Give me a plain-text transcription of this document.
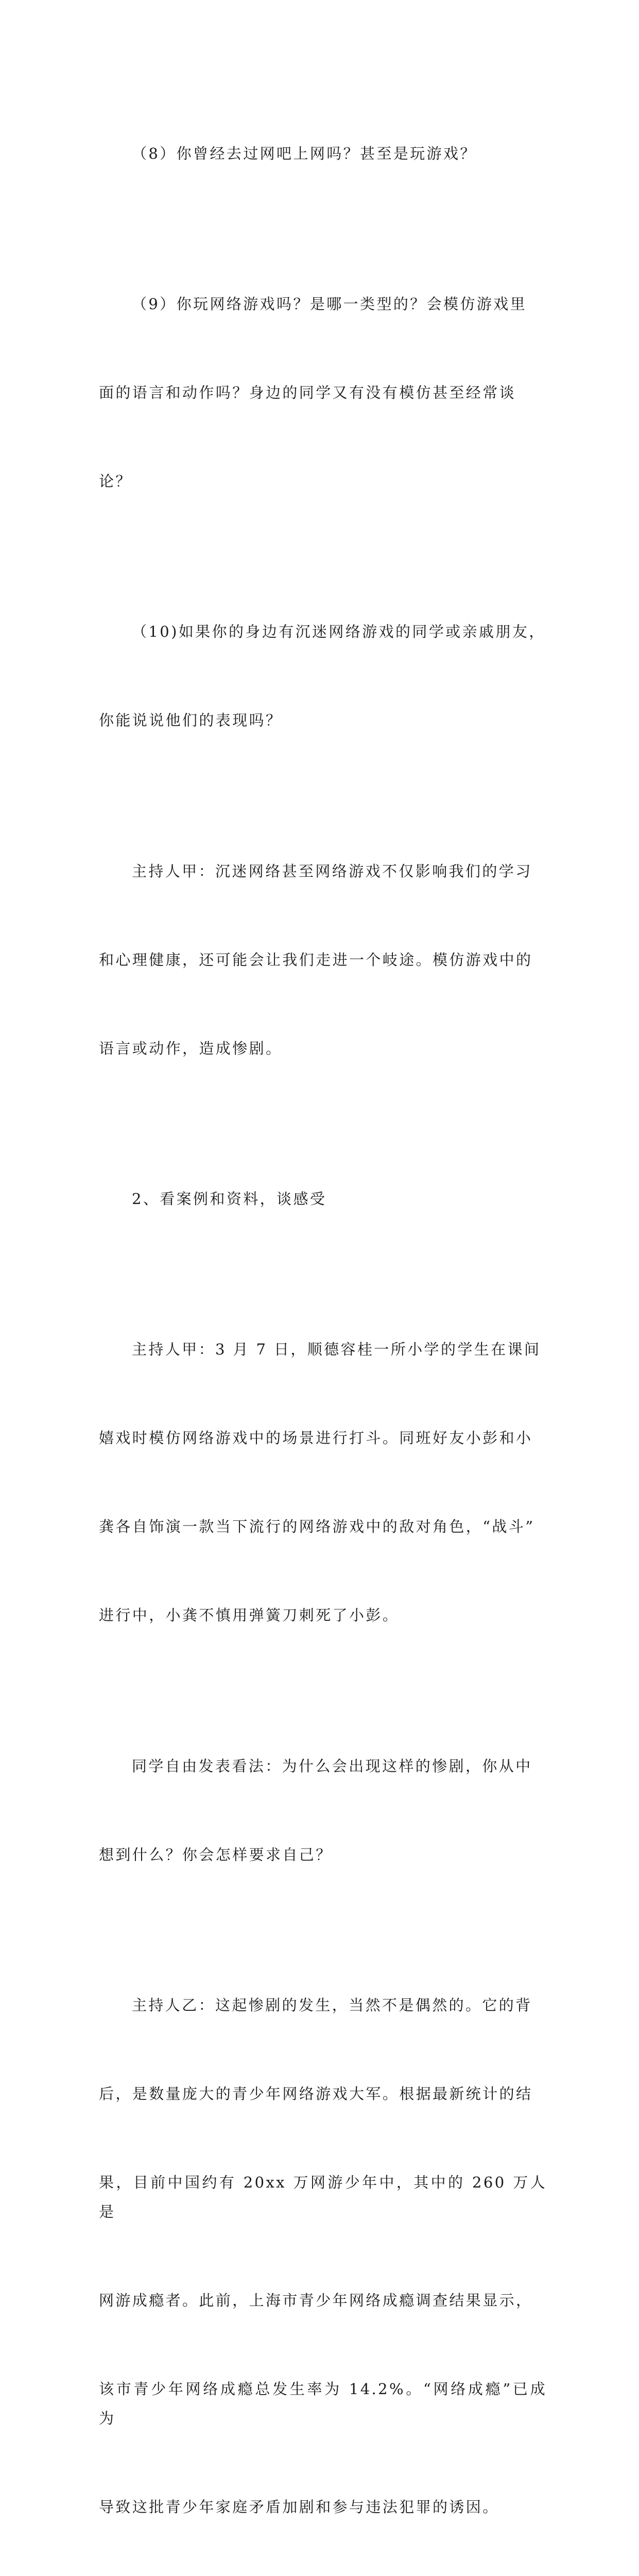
（8）你曾经去过网吧上网吗？甚至是玩游戏？

（9）你玩网络游戏吗？是哪一类型的？会模仿游戏里

面的语言和动作吗？身边的同学又有没有模仿甚至经常谈

论？

（10)如果你的身边有沉迷网络游戏的同学或亲戚朋友，

你能说说他们的表现吗？

主持人甲：沉迷网络甚至网络游戏不仅影响我们的学习

和心理健康，还可能会让我们走进一个岐途。模仿游戏中的

语言或动作，造成惨剧。

2、看案例和资料，谈感受

主持人甲：3 月 7 日，顺德容桂一所小学的学生在课间

嬉戏时模仿网络游戏中的场景进行打斗。同班好友小彭和小

龚各自饰演一款当下流行的网络游戏中的敌对角色，“战斗”

进行中，小龚不慎用弹簧刀刺死了小彭。

同学自由发表看法：为什么会出现这样的惨剧，你从中

想到什么？你会怎样要求自己？

主持人乙：这起惨剧的发生，当然不是偶然的。它的背

后，是数量庞大的青少年网络游戏大军。根据最新统计的结

果，目前中国约有 20xx 万网游少年中，其中的 260 万人是

网游成瘾者。此前，上海市青少年网络成瘾调查结果显示，

该市青少年网络成瘾总发生率为 14.2%。“网络成瘾”已成为

导致这批青少年家庭矛盾加剧和参与违法犯罪的诱因。
